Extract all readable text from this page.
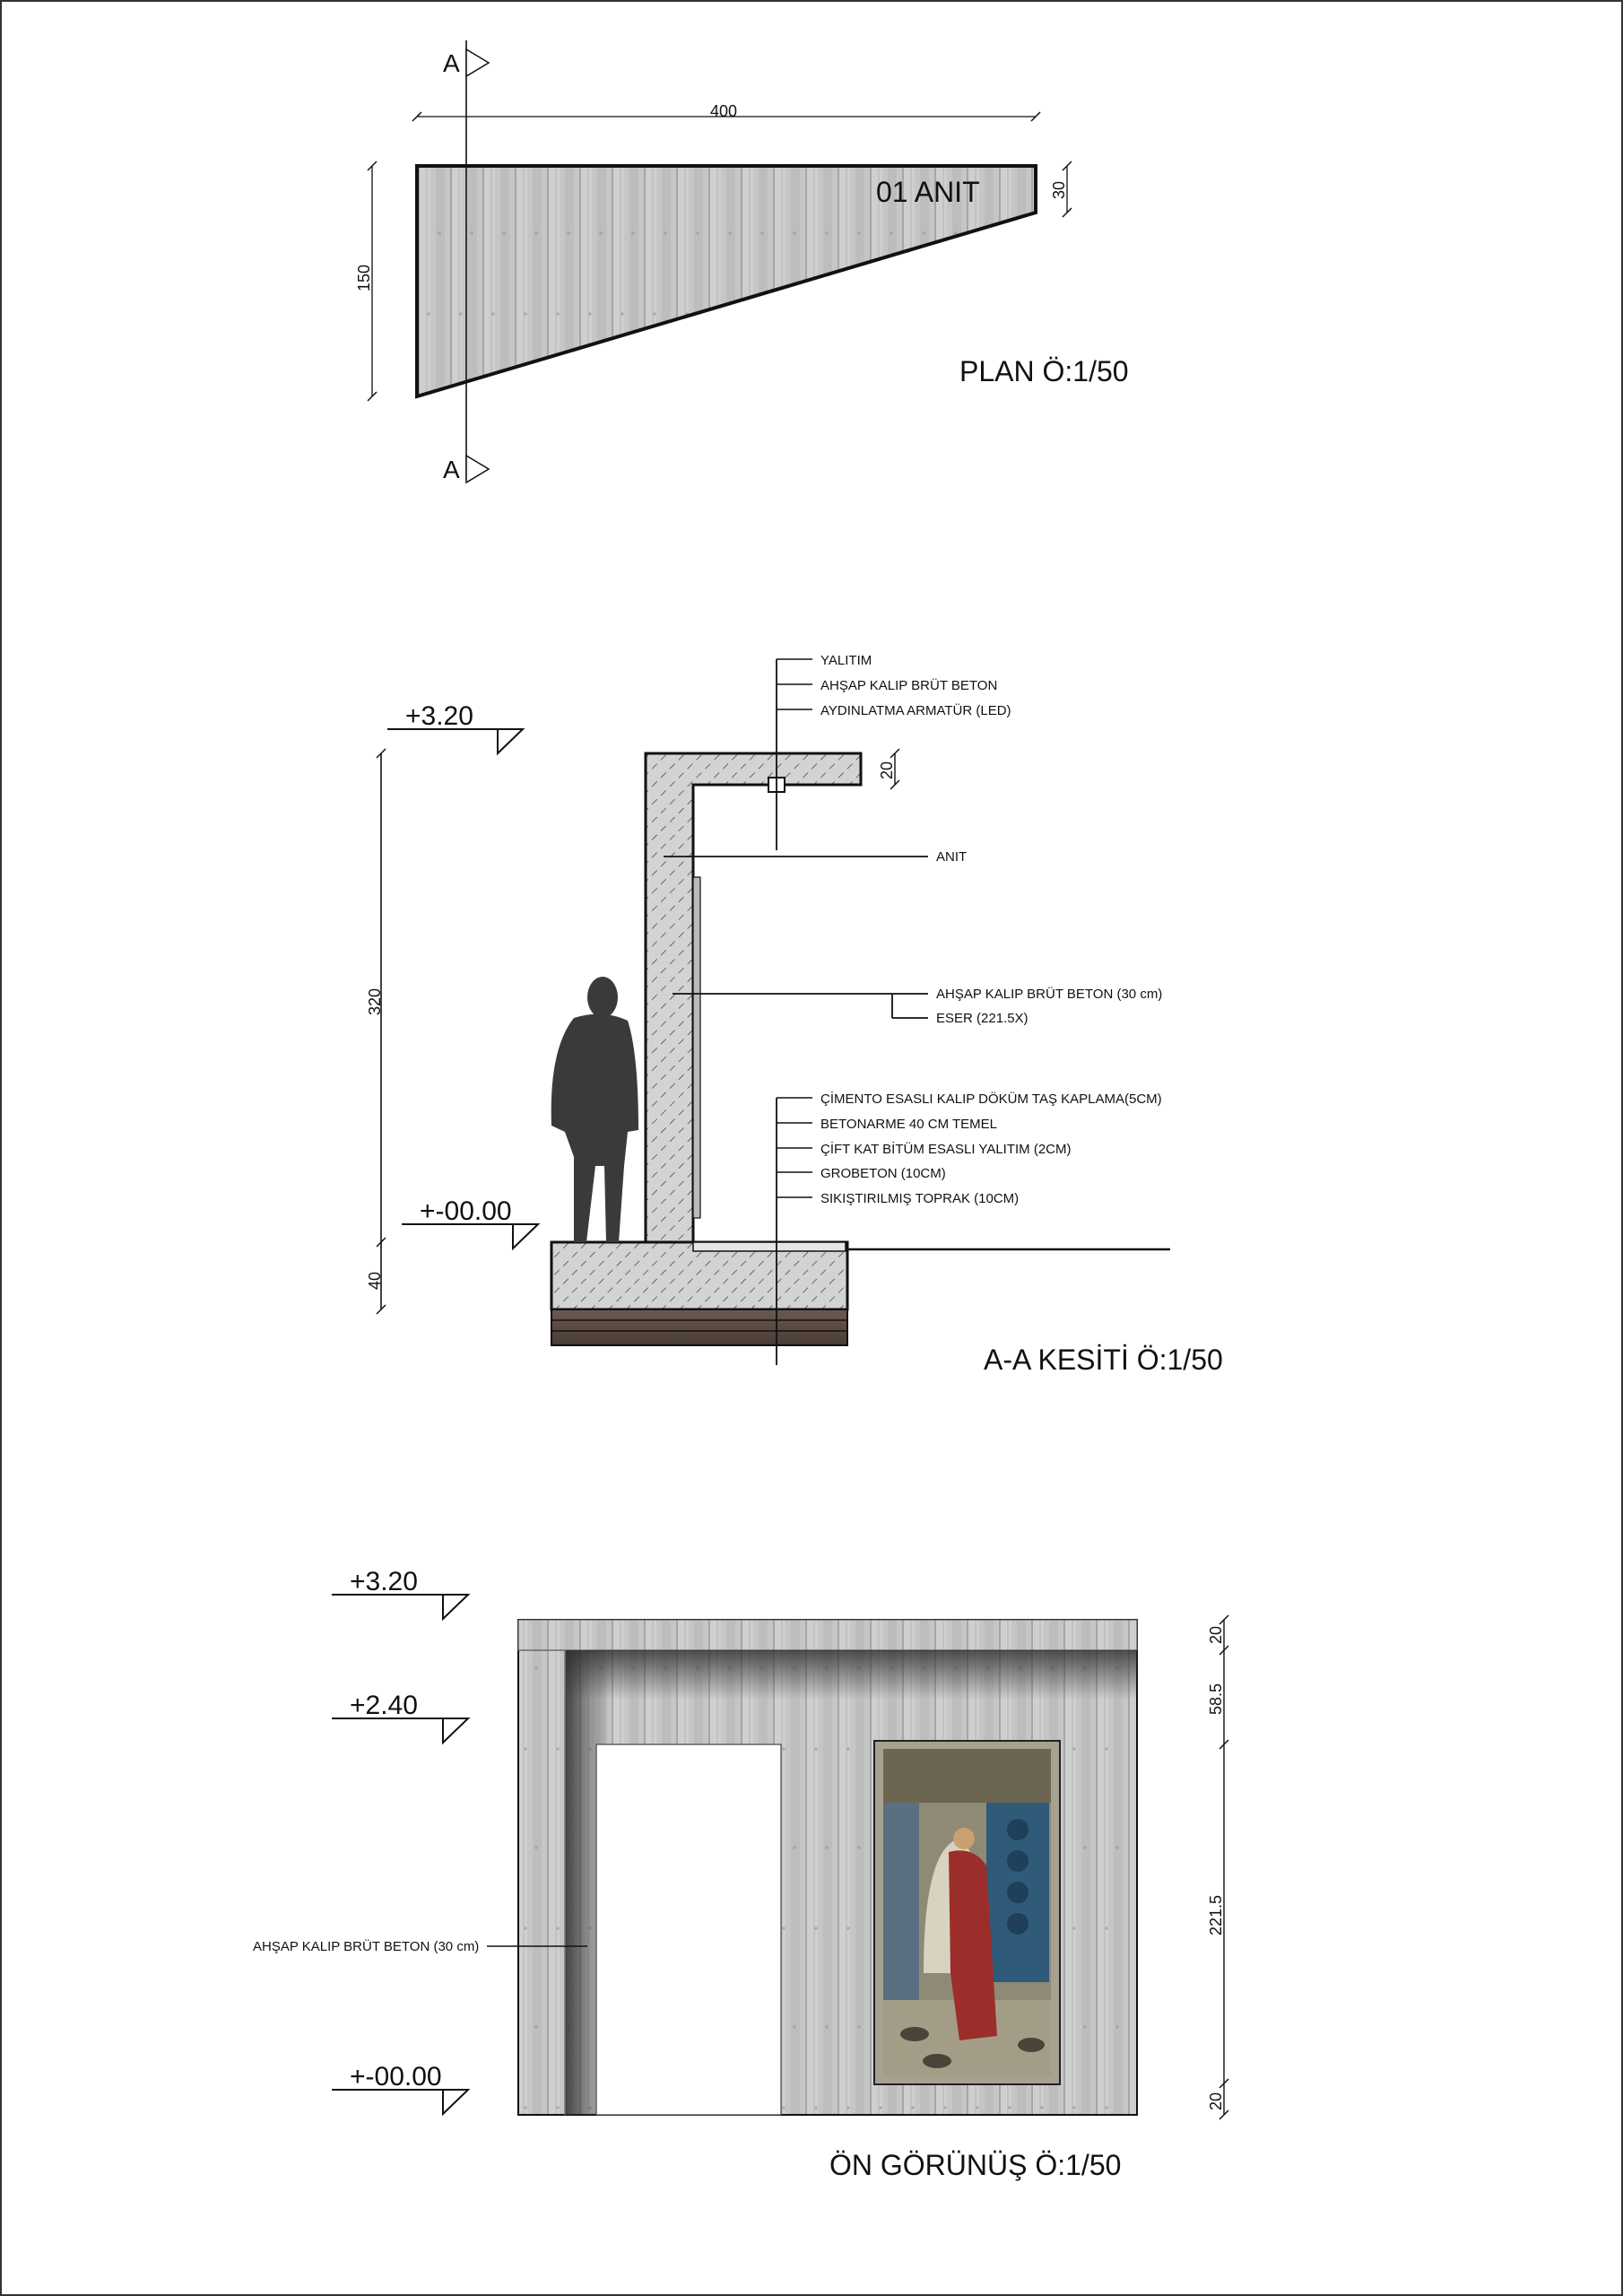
01 ANIT
A
A
400
150
30
PLAN Ö:1/50
+3.20
+-00.00
320
40
20
YALITIM
AHŞAP KALIP BRÜT BETON
AYDINLATMA ARMATÜR (LED)
ANIT
AHŞAP KALIP BRÜT BETON (30 cm)
ESER (221.5X)
ÇİMENTO ESASLI KALIP DÖKÜM TAŞ KAPLAMA(5CM)
BETONARME 40 CM TEMEL
ÇİFT KAT BİTÜM ESASLI YALITIM (2CM)
GROBETON (10CM)
SIKIŞTIRILMIŞ TOPRAK (10CM)
A-A KESİTİ Ö:1/50
+3.20
+2.40
+-00.00
20
58.5
221.5
20
AHŞAP KALIP BRÜT BETON (30 cm)
ÖN GÖRÜNÜŞ Ö:1/50
